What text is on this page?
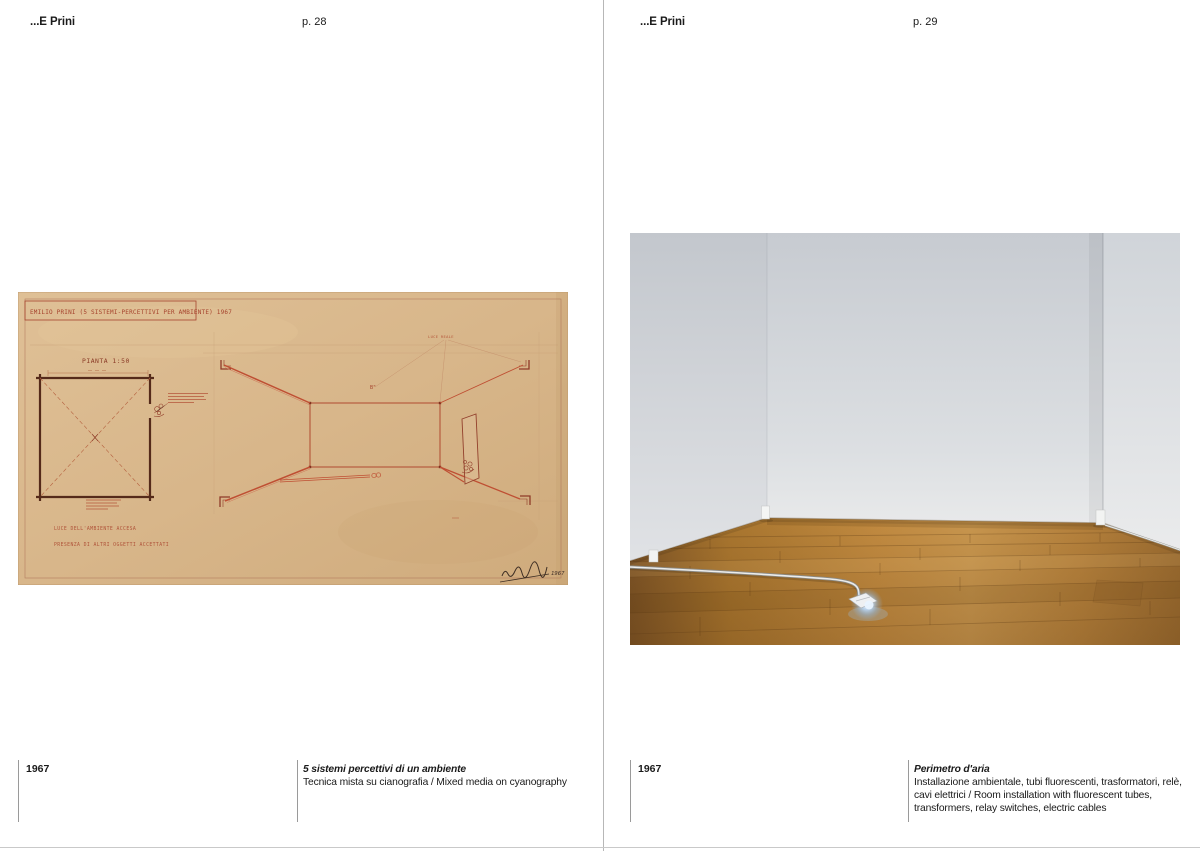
...E Prini	p. 28
EMILIO PRINI (5 SISTEMI-PERCETTIVI PER AMBIENTE) 1967
PIANTA 1:50
LUCE DELL'AMBIENTE ACCESA
PRESENZA DI ALTRI OGGETTI ACCETTATI
B"
LUCE REALE
1967
1967	5 sistemi percettivi di un ambiente
Tecnica mista su cianografia / Mixed media on cyanography
...E Prini	p. 29
1967	Perimetro d'aria
Installazione ambientale, tubi fluorescenti, trasformatori, relè, cavi elettrici / Room installation with fluorescent tubes, transformers, relay switches, electric cables
